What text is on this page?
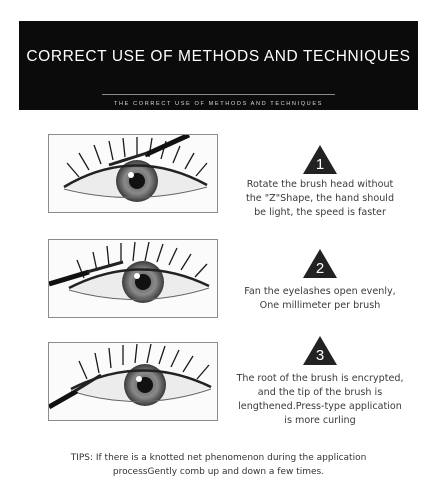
CORRECT USE OF METHODS AND TECHNIQUES
THE CORRECT USE OF METHODS AND TECHNIQUES
1
Rotate the brush head without
the "Z"Shape, the hand should
be light, the speed is faster
2
Fan the eyelashes open evenly,
One millimeter per brush
3
The root of the brush is encrypted,
and the tip of the brush is
lengthened.Press-type application
is more curling
TIPS: If there is a knotted net phenomenon during the application
processGently comb up and down a few times.
